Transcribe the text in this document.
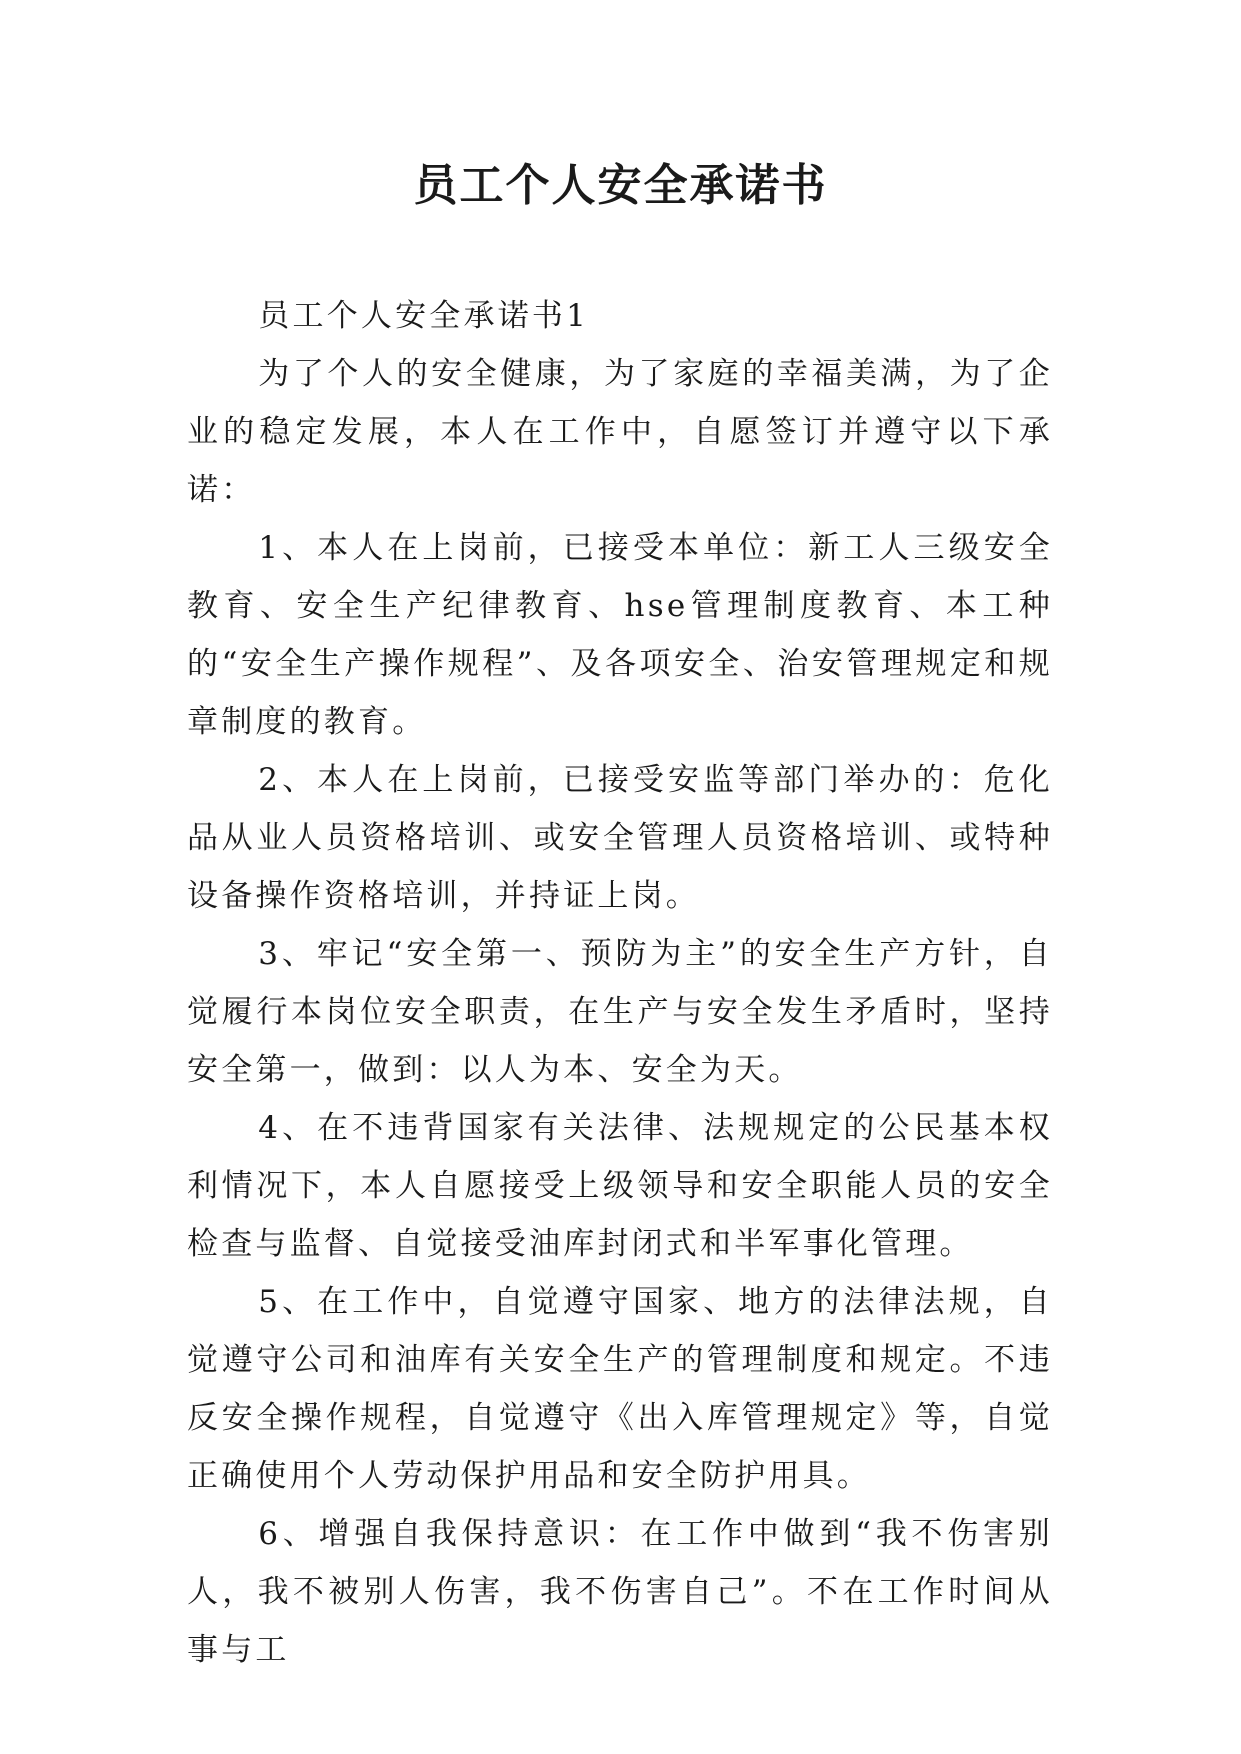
员工个人安全承诺书

员工个人安全承诺书1

为了个人的安全健康，为了家庭的幸福美满，为了企业的稳定发展，本人在工作中，自愿签订并遵守以下承诺：

1、本人在上岗前，已接受本单位：新工人三级安全教育、安全生产纪律教育、hse管理制度教育、本工种的“安全生产操作规程”、及各项安全、治安管理规定和规章制度的教育。

2、本人在上岗前，已接受安监等部门举办的：危化品从业人员资格培训、或安全管理人员资格培训、或特种设备操作资格培训，并持证上岗。

3、牢记“安全第一、预防为主”的安全生产方针，自觉履行本岗位安全职责，在生产与安全发生矛盾时，坚持安全第一，做到：以人为本、安全为天。

4、在不违背国家有关法律、法规规定的公民基本权利情况下，本人自愿接受上级领导和安全职能人员的安全检查与监督、自觉接受油库封闭式和半军事化管理。

5、在工作中，自觉遵守国家、地方的法律法规，自觉遵守公司和油库有关安全生产的管理制度和规定。不违反安全操作规程，自觉遵守《出入库管理规定》等，自觉正确使用个人劳动保护用品和安全防护用具。

6、增强自我保持意识：在工作中做到“我不伤害别人，我不被别人伤害，我不伤害自己”。不在工作时间从事与工
